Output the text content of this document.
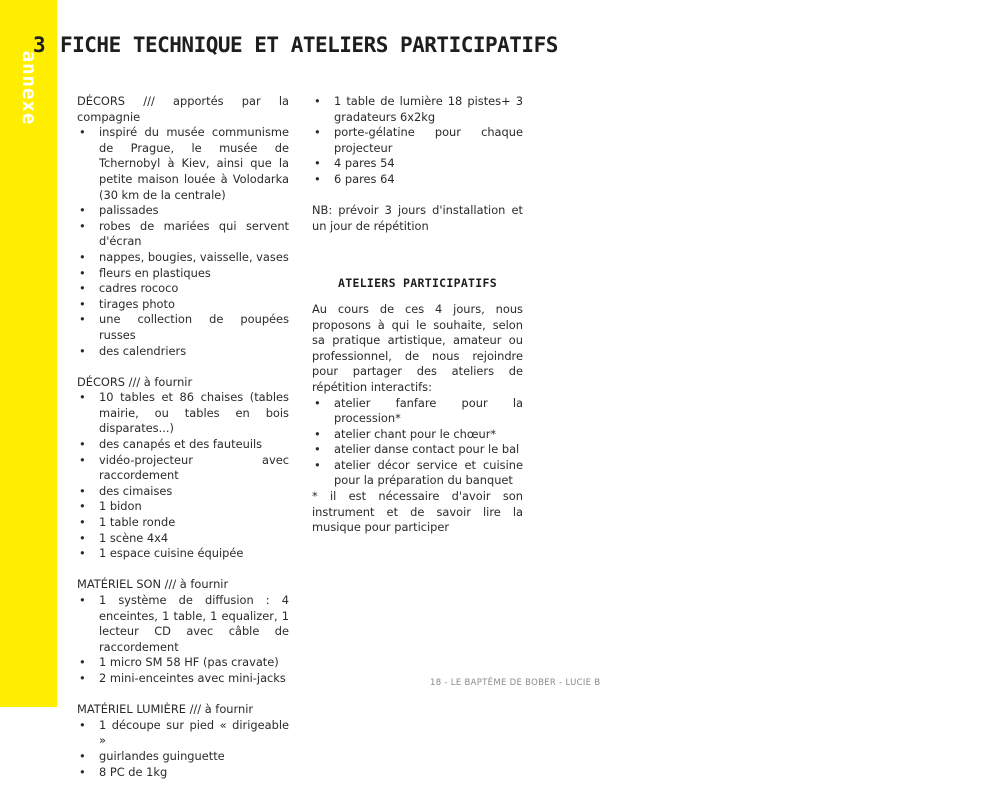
annexe
3 FICHE TECHNIQUE ET ATELIERS PARTICIPATIFS

DÉCORS /// apportés par la compagnie

• inspiré du musée communisme de Prague, le musée de Tchernobyl à Kiev, ainsi que la petite maison louée à Volodarka (30 km de la centrale)
• palissades
• robes de mariées qui servent d'écran
• nappes, bougies, vaisselle, vases
• fleurs en plastiques
• cadres rococo
• tirages photo
• une collection de poupées russes
• des calendriers

DÉCORS /// à fournir

• 10 tables et 86 chaises (tables mairie, ou tables en bois disparates...)
• des canapés et des fauteuils
• vidéo-projecteur avec raccordement
• des cimaises
• 1 bidon
• 1 table ronde
• 1 scène 4x4
• 1 espace cuisine équipée

MATÉRIEL SON /// à fournir

• 1 système de diffusion : 4 enceintes, 1 table, 1 equalizer, 1 lecteur CD avec câble de raccordement
• 1 micro SM 58 HF (pas cravate)
• 2 mini-enceintes avec mini-jacks

MATÉRIEL LUMIÈRE /// à fournir

• 1 découpe sur pied « dirigeable »
• guirlandes guinguette
• 8 PC de 1kg
• 1 table de lumière 18 pistes+ 3 gradateurs 6x2kg
• porte-gélatine pour chaque projecteur
• 4 pares 54
• 6 pares 64

NB: prévoir 3 jours d'installation et un jour de répétition

ATELIERS PARTICIPATIFS

Au cours de ces 4 jours, nous proposons à qui le souhaite, selon sa pratique artistique, amateur ou professionnel, de nous rejoindre pour partager des ateliers de répétition interactifs:

• atelier fanfare pour la procession*
• atelier chant pour le chœur*
• atelier danse contact pour le bal
• atelier décor service et cuisine pour la préparation du banquet

* il est nécessaire d'avoir son instrument et de savoir lire la musique pour participer

18 - LE BAPTÊME DE BOBER - LUCIE B
